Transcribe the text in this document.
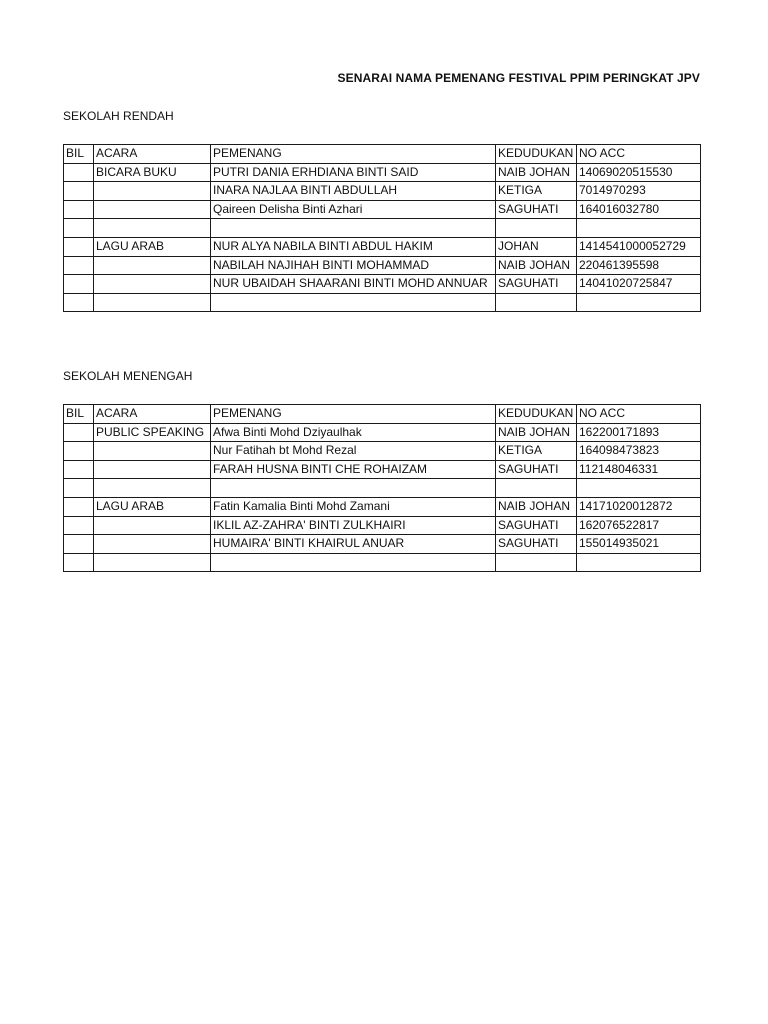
SENARAI NAMA PEMENANG FESTIVAL PPIM PERINGKAT JPV
SEKOLAH RENDAH
BIL	ACARA	PEMENANG	KEDUDUKAN	NO ACC
	BICARA BUKU	PUTRI DANIA ERHDIANA BINTI SAID	NAIB JOHAN	14069020515530
		INARA NAJLAA BINTI ABDULLAH	KETIGA	7014970293
		Qaireen Delisha Binti Azhari	SAGUHATI	164016032780

	LAGU ARAB	NUR ALYA NABILA BINTI ABDUL HAKIM	JOHAN	1414541000052729
		NABILAH NAJIHAH BINTI MOHAMMAD	NAIB JOHAN	220461395598
		NUR UBAIDAH SHAARANI BINTI MOHD ANNUAR	SAGUHATI	14041020725847

SEKOLAH MENENGAH
BIL	ACARA	PEMENANG	KEDUDUKAN	NO ACC
	PUBLIC SPEAKING	Afwa Binti Mohd Dziyaulhak	NAIB JOHAN	162200171893
		Nur Fatihah bt Mohd Rezal	KETIGA	164098473823
		FARAH HUSNA BINTI CHE ROHAIZAM	SAGUHATI	112148046331

	LAGU ARAB	Fatin Kamalia Binti Mohd Zamani	NAIB JOHAN	14171020012872
		IKLIL AZ-ZAHRA' BINTI ZULKHAIRI	SAGUHATI	162076522817
		HUMAIRA' BINTI KHAIRUL ANUAR	SAGUHATI	155014935021
